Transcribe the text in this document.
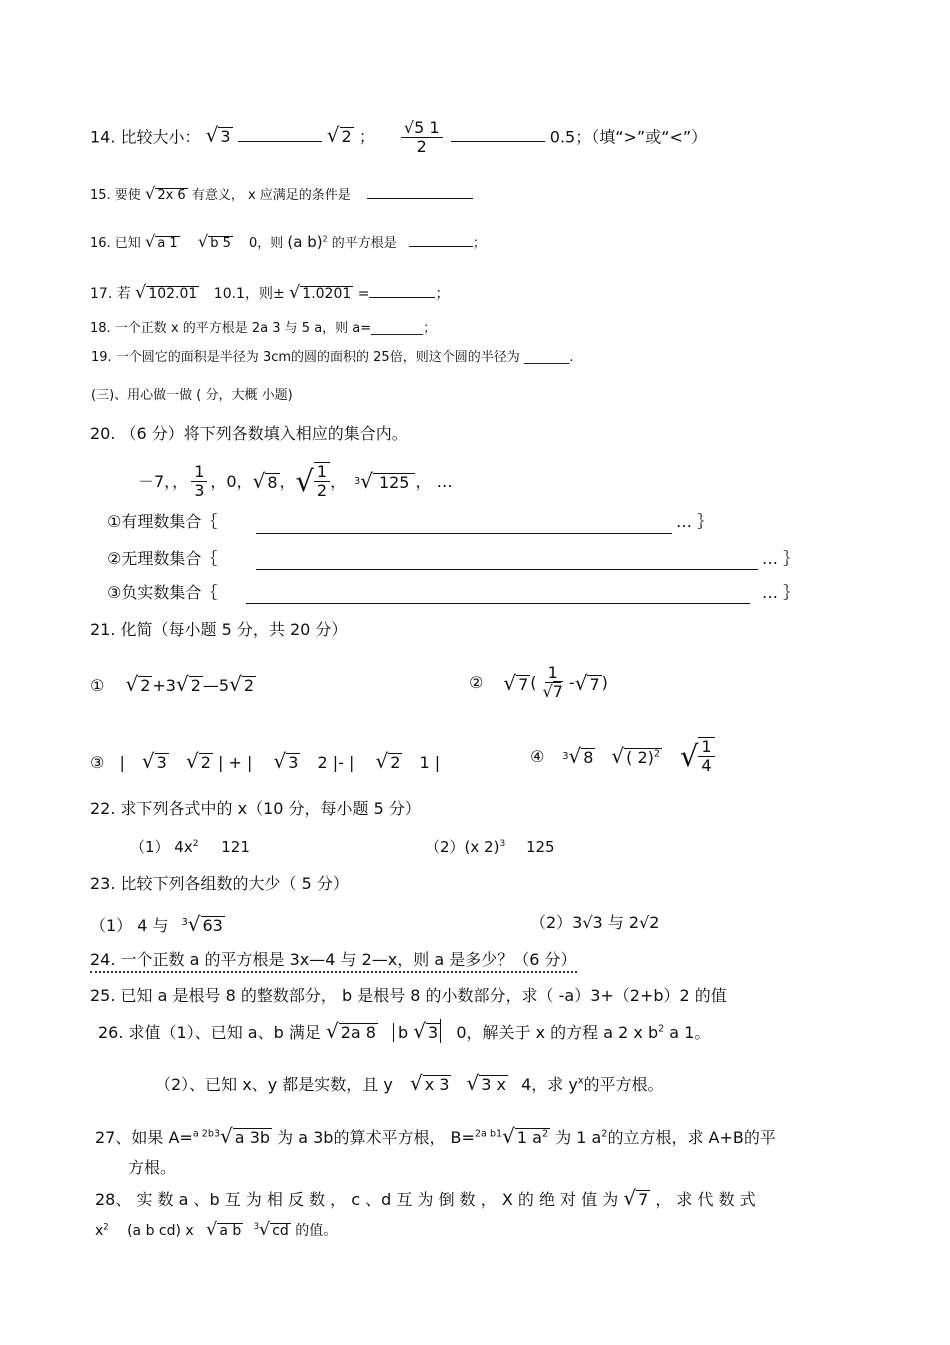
14. 比较大小： √ 3	√ 2 ； $\frac{√5 1}{2}$	0.5；（填“>”或“<”）
15. 要使 √ 2x 6 有意义， x 应满足的条件是
16. 已知 √ a 1 √ b 5 0，则 (a b)$^2$ 的平方根是	；
17. 若 √ 102.01 10.1，则± √ 1.0201 =	；
18. 一个正数 x 的平方根是 2a 3 与 5 a，则 a=________；
19. 一个圆它的面积是半径为 3cm的圆的面积的 25倍，则这个圆的半径为 _______.
(三)、用心做一做 ( 分，大概 小题)
20. （6 分）将下列各数填入相应的集合内。
－7，， $\frac{1}{3}$ ，0， √ 8 ， √ $\frac{1}{2}$ ， 3 √ 125 ， …
①有理数集合｛	… ｝
②无理数集合｛	… ｝
③负实数集合｛	… ｝
21. 化简（每小题 5 分，共 20 分）
① √ 2 +3√ 2 —5√ 2	② √ 7 ( $\frac{1}{√7}$ - √ 7 )
③ | √ 3 √ 2 | + | √ 3 2 |- | √ 2 1 |	④ 3 √ 8 √ ( 2)$^2$ √ $\frac{1}{4}$
22. 求下列各式中的 x（10 分，每小题 5 分）
（1） $4x^2$ 121	（2）(x 2)$^3$ 125
23. 比较下列各组数的大少（ 5 分）
（1） 4 与 $^3$√ 63	（2）3√3 与 2√2
24. 一个正数 a 的平方根是 3x—4 与 2—x，则 a 是多少？（6 分）
25. 已知 a 是根号 8 的整数部分， b 是根号 8 的小数部分，求（ -a）3+（2+b）2 的值
26. 求值（1）、已知 a、b 满足 √ 2a 8 b √ 3 0，解关于 x 的方程 a 2 x $b^2$ a 1。
（2）、已知 x、y 都是实数，且 y √ x 3 √ 3 x 4，求 $y^x$的平方根。
27、如果 A=$^{a 2b3}$√ a 3b 为 a 3b的算术平方根， B=$^{2a b1}$√ 1 $a^2$ 为 1 $a^2$的立方根，求 A+B的平
方根。
28、 实 数 a 、b 互 为 相 反 数 ， c 、d 互 为 倒 数 ， X 的 绝 对 值 为 √ 7 ， 求 代 数 式
$x^2$ (a b cd) x √ a b $^3$√ cd 的值。
